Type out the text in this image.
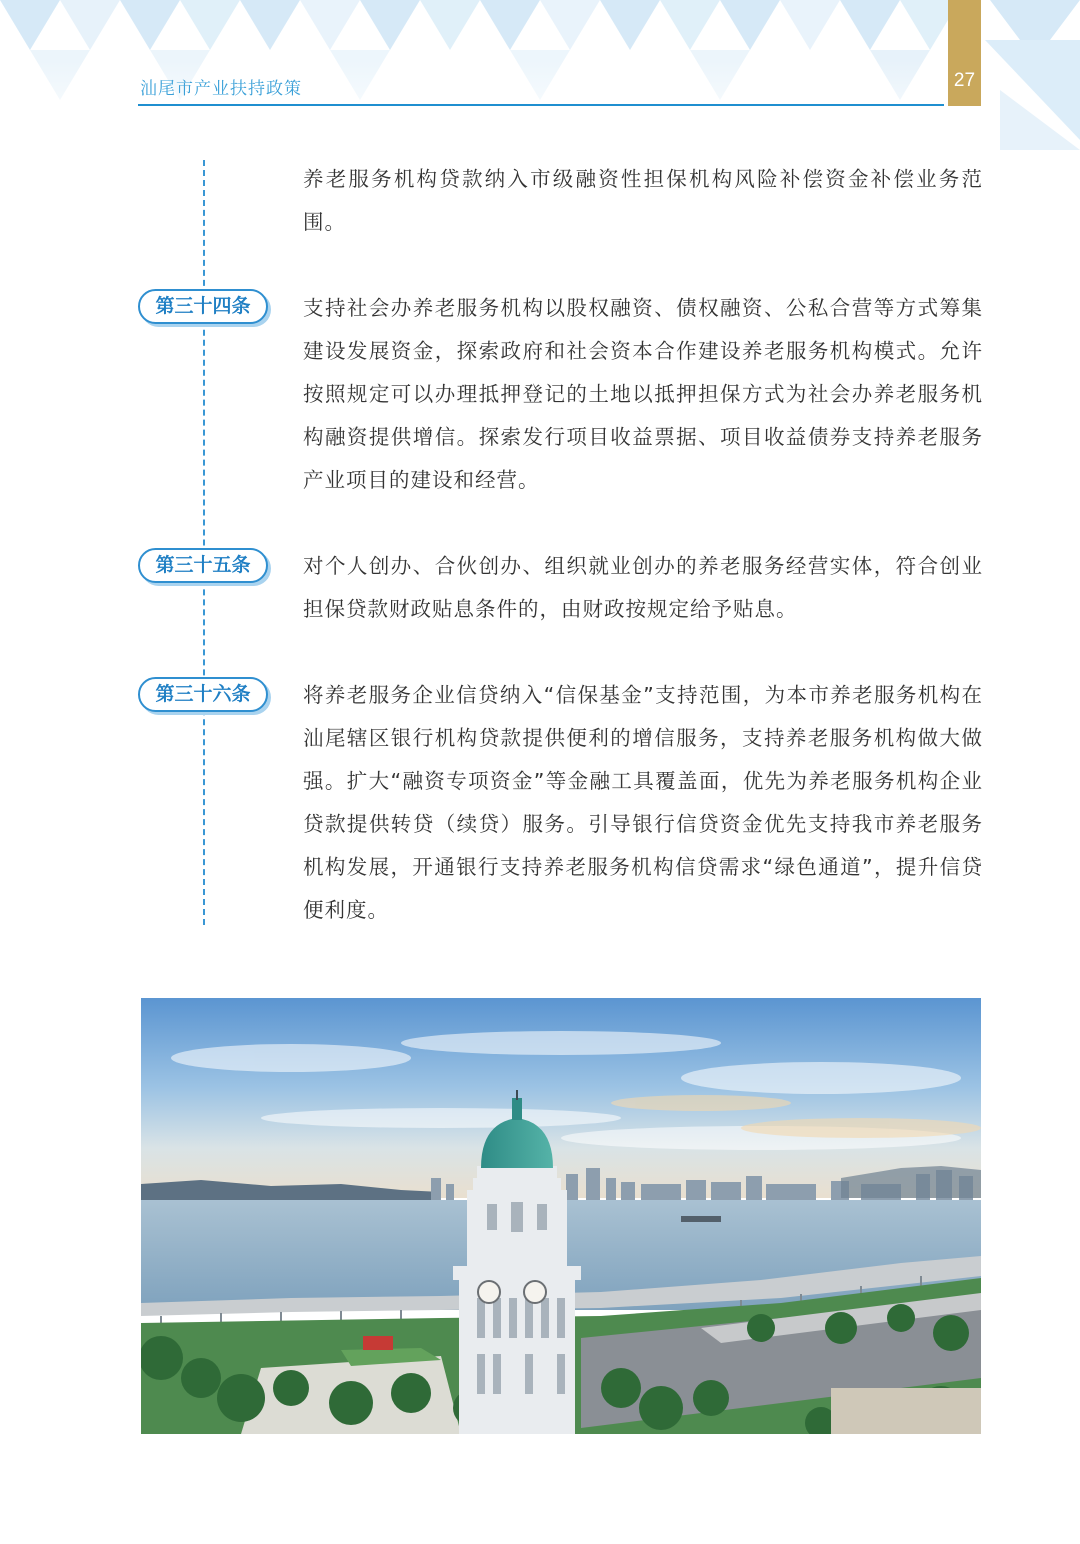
汕尾市产业扶持政策	27

养老服务机构贷款纳入市级融资性担保机构风险补偿资金补偿业务范围。

第三十四条	支持社会办养老服务机构以股权融资、债权融资、公私合营等方式筹集建设发展资金，探索政府和社会资本合作建设养老服务机构模式。允许按照规定可以办理抵押登记的土地以抵押担保方式为社会办养老服务机构融资提供增信。探索发行项目收益票据、项目收益债券支持养老服务产业项目的建设和经营。

第三十五条	对个人创办、合伙创办、组织就业创办的养老服务经营实体，符合创业担保贷款财政贴息条件的，由财政按规定给予贴息。

第三十六条	将养老服务企业信贷纳入“信保基金”支持范围，为本市养老服务机构在汕尾辖区银行机构贷款提供便利的增信服务，支持养老服务机构做大做强。扩大“融资专项资金”等金融工具覆盖面，优先为养老服务机构企业贷款提供转贷（续贷）服务。引导银行信贷资金优先支持我市养老服务机构发展，开通银行支持养老服务机构信贷需求“绿色通道”，提升信贷便利度。
